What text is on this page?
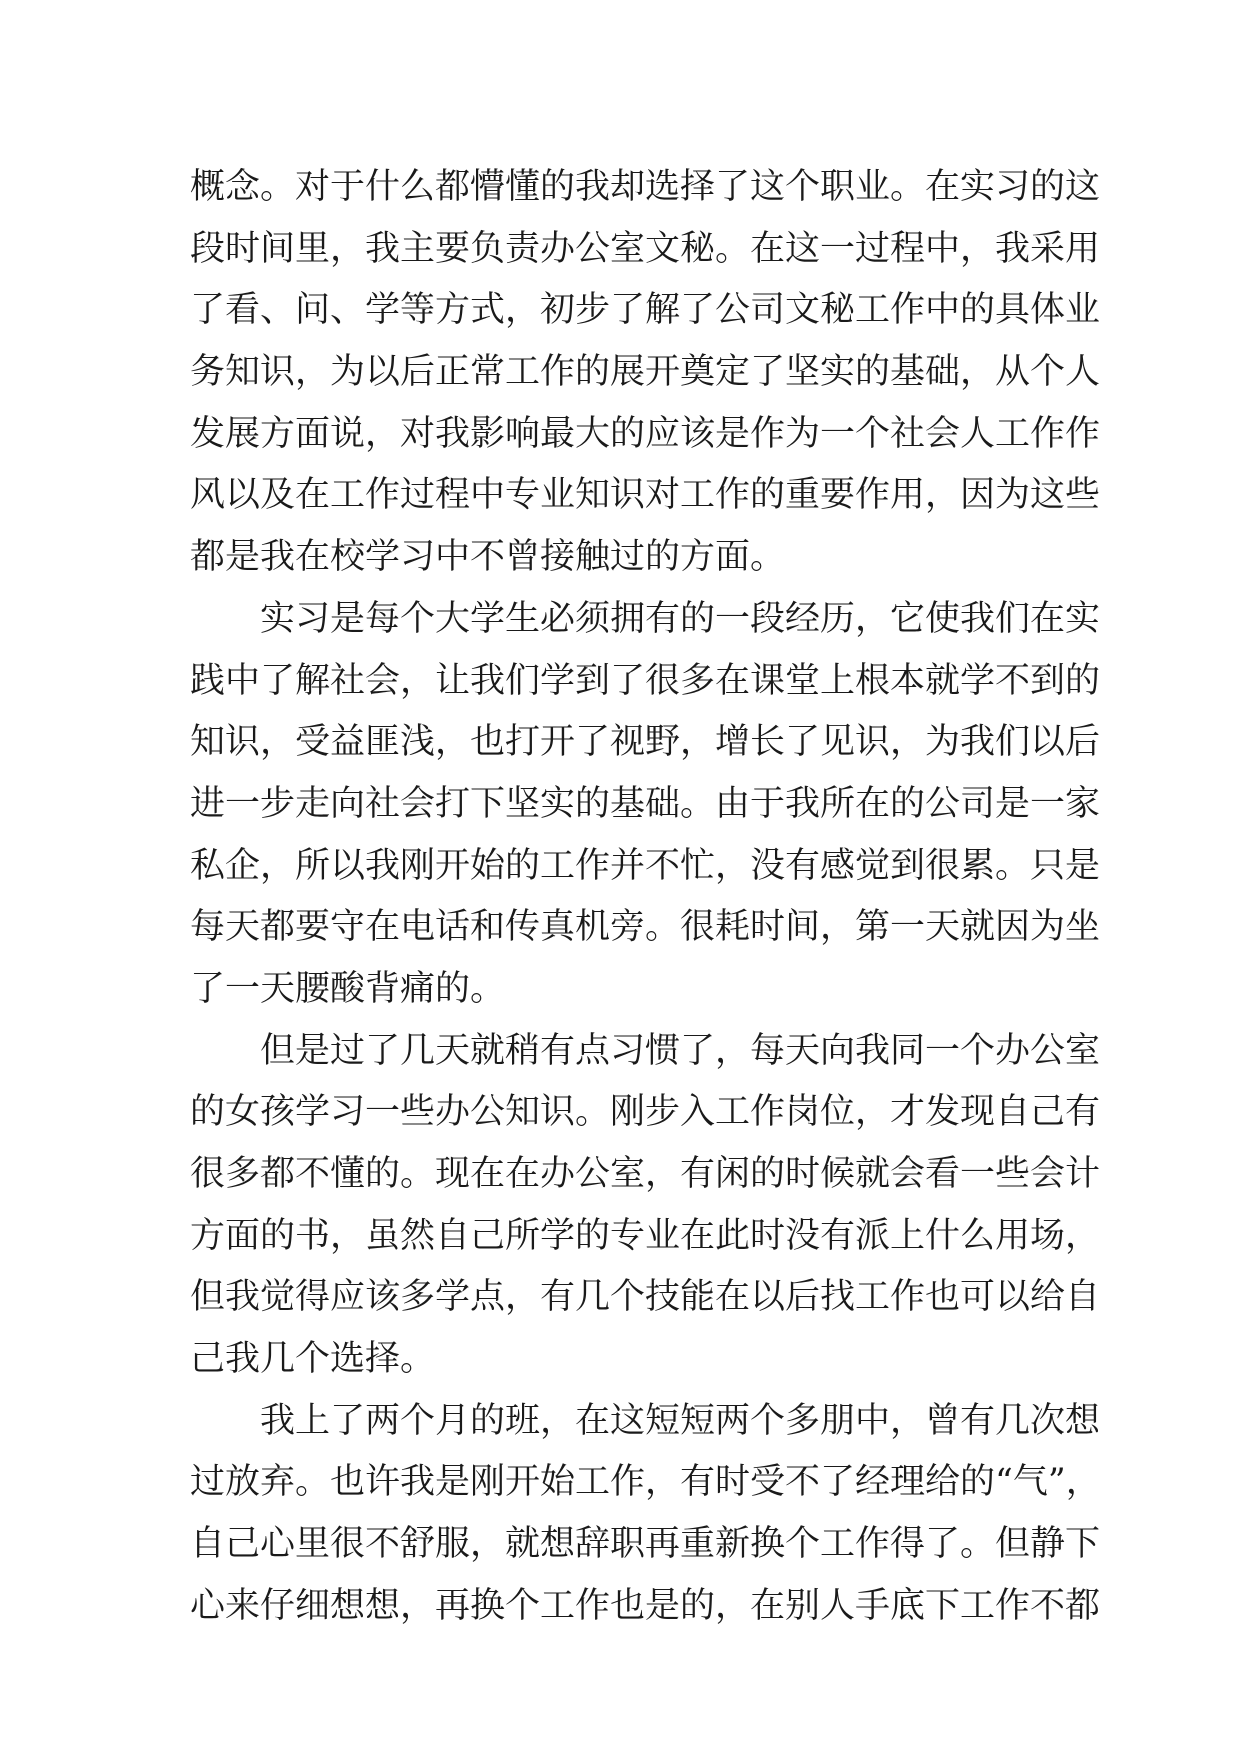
概念。对于什么都懵懂的我却选择了这个职业。在实习的这
段时间里，我主要负责办公室文秘。在这一过程中，我采用
了看、问、学等方式，初步了解了公司文秘工作中的具体业
务知识，为以后正常工作的展开奠定了坚实的基础，从个人
发展方面说，对我影响最大的应该是作为一个社会人工作作
风以及在工作过程中专业知识对工作的重要作用，因为这些
都是我在校学习中不曾接触过的方面。
实习是每个大学生必须拥有的一段经历，它使我们在实
践中了解社会，让我们学到了很多在课堂上根本就学不到的
知识，受益匪浅，也打开了视野，增长了见识，为我们以后
进一步走向社会打下坚实的基础。由于我所在的公司是一家
私企，所以我刚开始的工作并不忙，没有感觉到很累。只是
每天都要守在电话和传真机旁。很耗时间，第一天就因为坐
了一天腰酸背痛的。
但是过了几天就稍有点习惯了，每天向我同一个办公室
的女孩学习一些办公知识。刚步入工作岗位，才发现自己有
很多都不懂的。现在在办公室，有闲的时候就会看一些会计
方面的书，虽然自己所学的专业在此时没有派上什么用场，
但我觉得应该多学点，有几个技能在以后找工作也可以给自
己我几个选择。
我上了两个月的班，在这短短两个多朋中，曾有几次想
过放弃。也许我是刚开始工作，有时受不了经理给的“气”，
自己心里很不舒服，就想辞职再重新换个工作得了。但静下
心来仔细想想，再换个工作也是的，在别人手底下工作不都
